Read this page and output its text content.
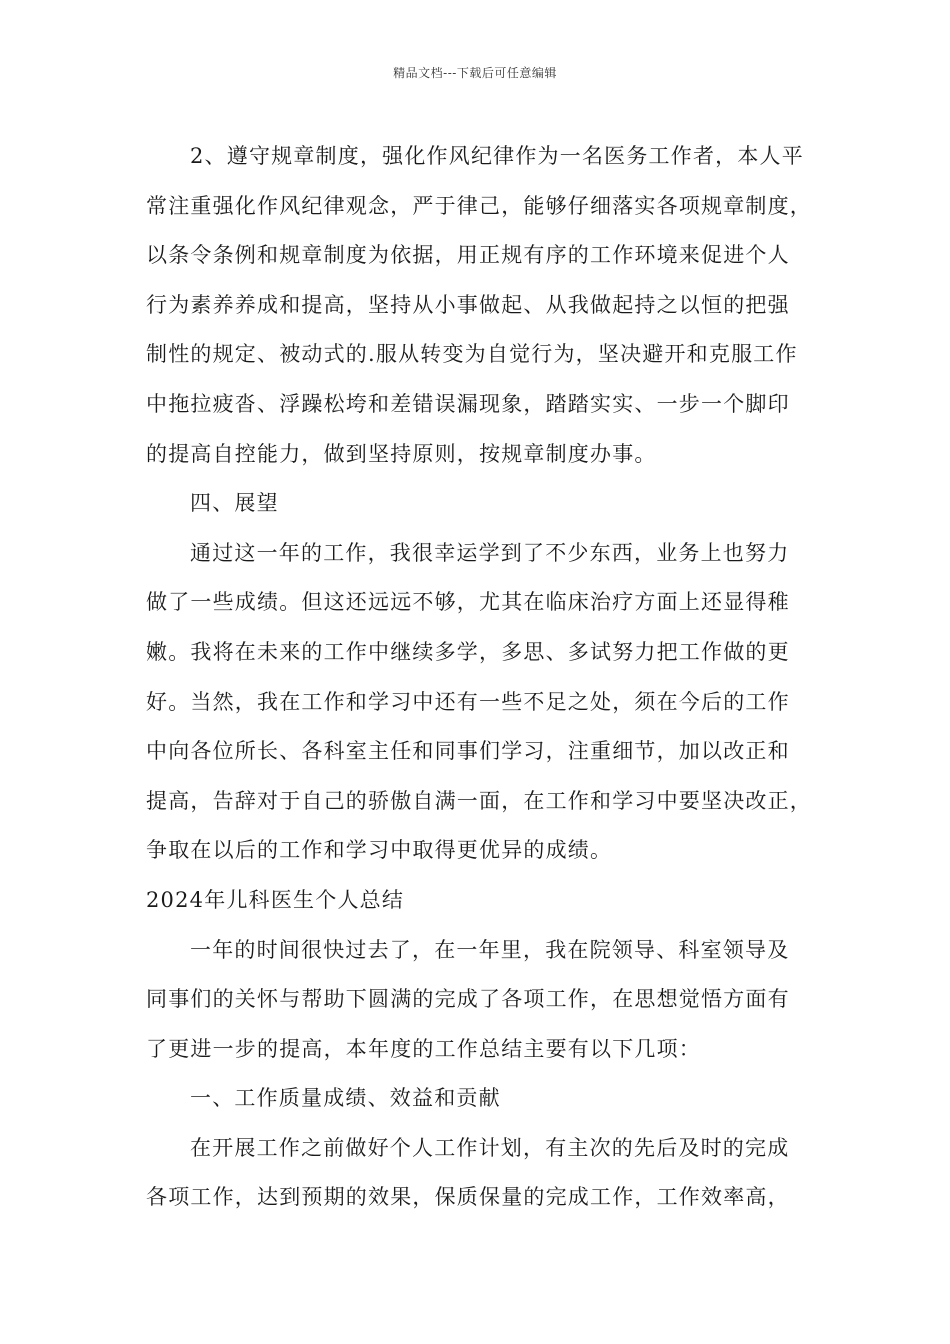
精品文档---下载后可任意编辑
2、遵守规章制度，强化作风纪律作为一名医务工作者，本人平
常注重强化作风纪律观念，严于律己，能够仔细落实各项规章制度，
以条令条例和规章制度为依据，用正规有序的工作环境来促进个人
行为素养养成和提高，坚持从小事做起、从我做起持之以恒的把强
制性的规定、被动式的.服从转变为自觉行为，坚决避开和克服工作
中拖拉疲沓、浮躁松垮和差错误漏现象，踏踏实实、一步一个脚印
的提高自控能力，做到坚持原则，按规章制度办事。
四、展望
通过这一年的工作，我很幸运学到了不少东西，业务上也努力
做了一些成绩。但这还远远不够，尤其在临床治疗方面上还显得稚
嫩。我将在未来的工作中继续多学，多思、多试努力把工作做的更
好。当然，我在工作和学习中还有一些不足之处，须在今后的工作
中向各位所长、各科室主任和同事们学习，注重细节，加以改正和
提高，告辞对于自己的骄傲自满一面，在工作和学习中要坚决改正，
争取在以后的工作和学习中取得更优异的成绩。
2024年儿科医生个人总结
一年的时间很快过去了，在一年里，我在院领导、科室领导及
同事们的关怀与帮助下圆满的完成了各项工作，在思想觉悟方面有
了更进一步的提高，本年度的工作总结主要有以下几项：
一、工作质量成绩、效益和贡献
在开展工作之前做好个人工作计划，有主次的先后及时的完成
各项工作，达到预期的效果，保质保量的完成工作，工作效率高，
